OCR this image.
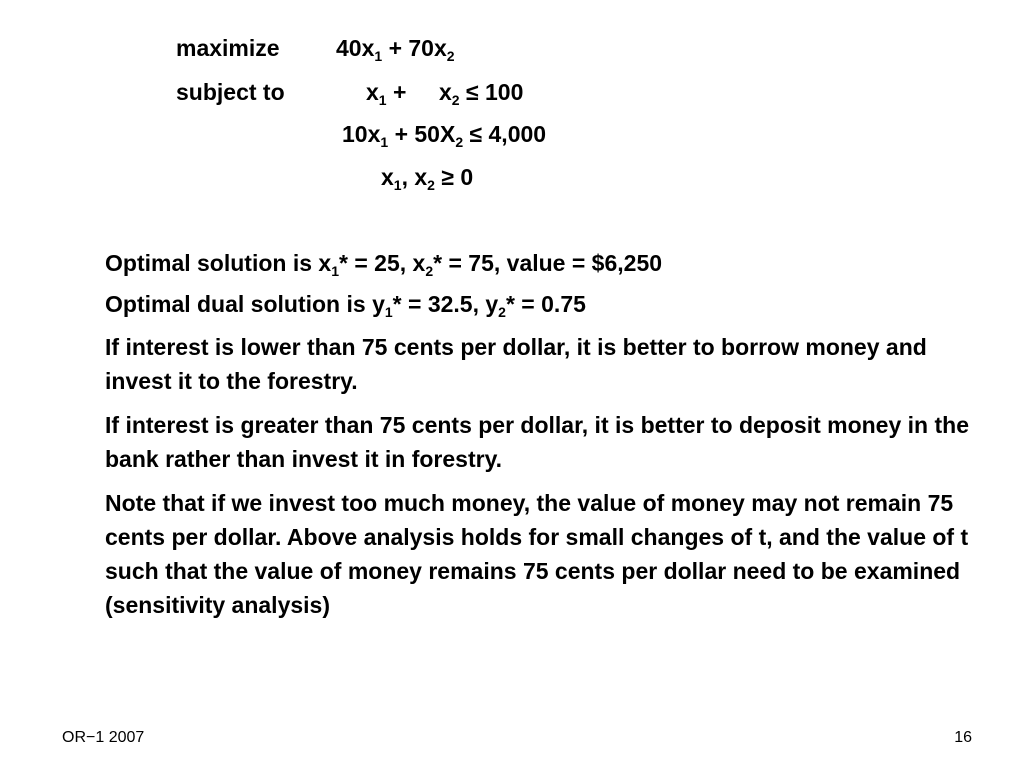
maximize $40x_1 + 70x_2$
subject to	$x_1 + x_2 \le 100$
$10x_1 + 50X_2 \le 4,000$
$x_1$, $x_2 \ge 0$
Optimal solution is $x_1* = 25$, $x_2* = 75$, value = $6,250
Optimal dual solution is $y_1* = 32.5$, $y_2* = 0.75$
If interest is lower than 75 cents per dollar, it is better to borrow money and invest it to the forestry.
If interest is greater than 75 cents per dollar, it is better to deposit money in the bank rather than invest it in forestry.
Note that if we invest too much money, the value of money may not remain 75 cents per dollar. Above analysis holds for small changes of t, and the value of t such that the value of money remains 75 cents per dollar need to be examined (sensitivity analysis)
OR−1 2007	16
